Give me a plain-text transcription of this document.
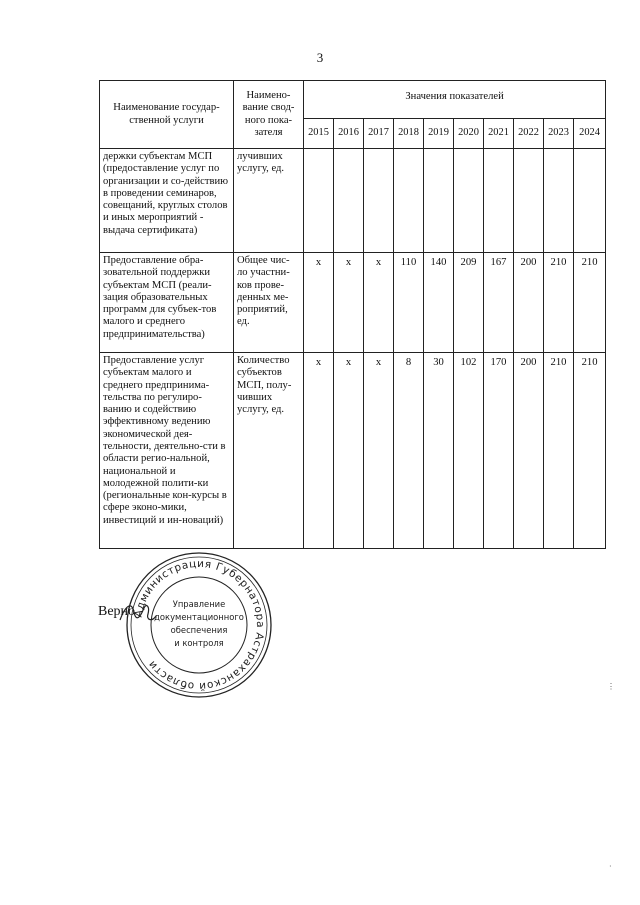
3
Наименование государ-ственной услуги	Наимено-вание свод-ного пока-зателя	Значения показателей									
		2015	2016	2017	2018	2019	2020	2021	2022	2023	2024
держки субъектам МСП (предоставление услуг по организации и со-действию в проведении семинаров, совещаний, круглых столов и иных мероприятий - выдача сертификата)	лучивших услугу, ед.										
Предоставление обра-зовательной поддержки субъектам МСП (реали-зация образовательных программ для субъек-тов малого и среднего предпринимательства)	Общее чис-ло участни-ков прове-денных ме-роприятий, ед.	х	х	х	110	140	209	167	200	210	210
Предоставление услуг субъектам малого и среднего предпринима-тельства по регулиро-ванию и содействию эффективному ведению экономической дея-тельности, деятельно-сти в области регио-нальной, национальной и молодежной полити-ки (региональные кон-курсы в сфере эконо-мики, инвестиций и ин-новаций)	Количество субъектов МСП, полу-чивших услугу, ед.	х	х	х	8	30	102	170	200	210	210
Администрация Губернатора Астраханской области
Управление
документационного
обеспечения
и контроля
Верно
⋮
·
